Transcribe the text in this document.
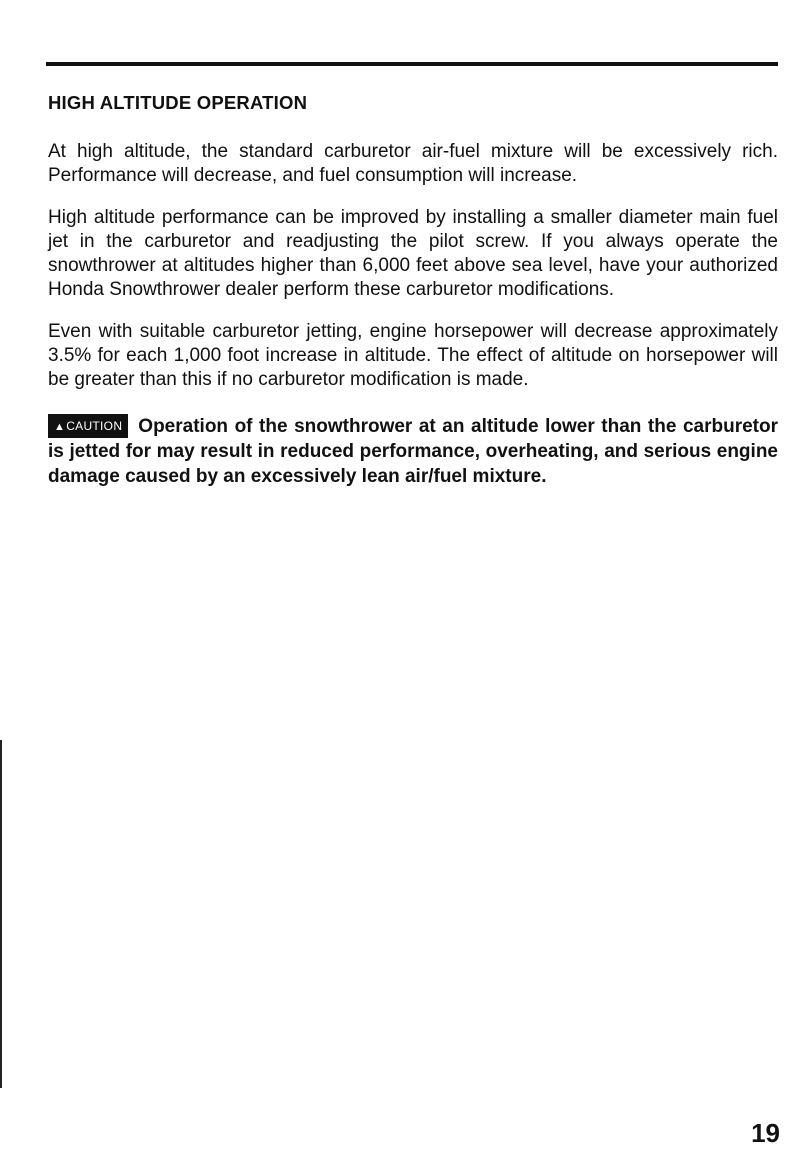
HIGH ALTITUDE OPERATION

At high altitude, the standard carburetor air-fuel mixture will be excessively rich. Performance will decrease, and fuel consumption will increase.

High altitude performance can be improved by installing a smaller diameter main fuel jet in the carburetor and readjusting the pilot screw. If you always operate the snowthrower at altitudes higher than 6,000 feet above sea level, have your authorized Honda Snowthrower dealer perform these carburetor modifications.

Even with suitable carburetor jetting, engine horsepower will decrease approximately 3.5% for each 1,000 foot increase in altitude. The effect of altitude on horsepower will be greater than this if no carburetor modification is made.

▲CAUTION Operation of the snowthrower at an altitude lower than the carburetor is jetted for may result in reduced performance, overheating, and serious engine damage caused by an excessively lean air/fuel mixture.
19
